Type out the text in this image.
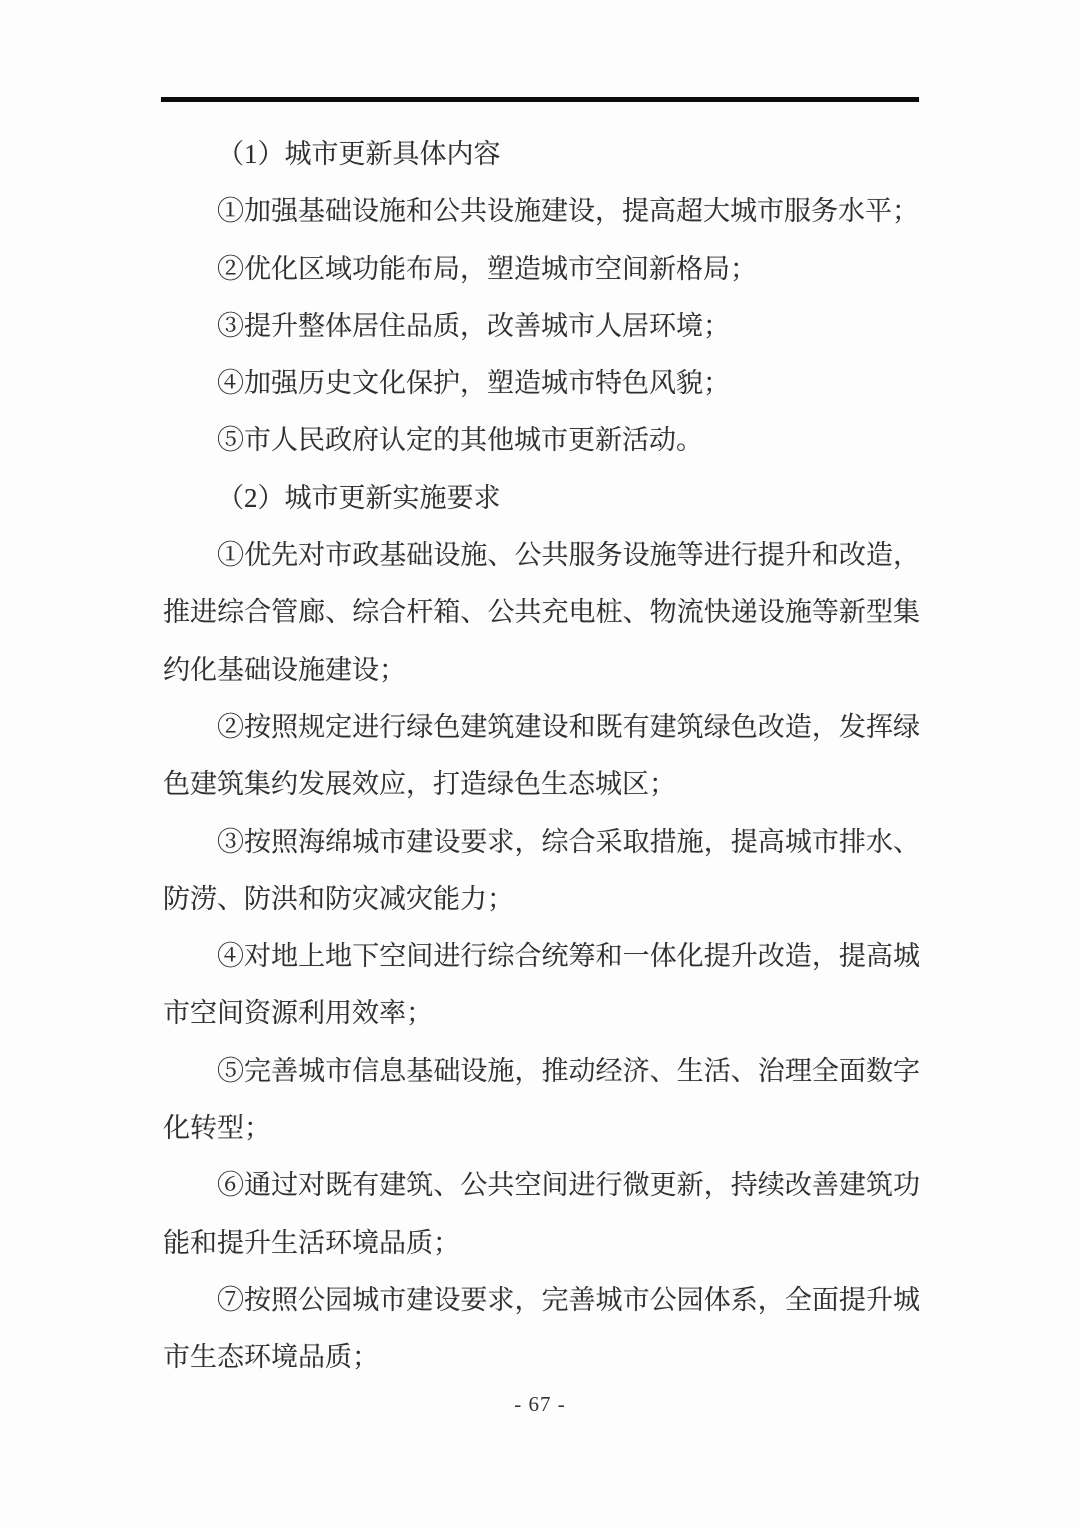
（1）城市更新具体内容

①加强基础设施和公共设施建设，提高超大城市服务水平；

②优化区域功能布局，塑造城市空间新格局；

③提升整体居住品质，改善城市人居环境；

④加强历史文化保护，塑造城市特色风貌；

⑤市人民政府认定的其他城市更新活动。

（2）城市更新实施要求

①优先对市政基础设施、公共服务设施等进行提升和改造，推进综合管廊、综合杆箱、公共充电桩、物流快递设施等新型集约化基础设施建设；

②按照规定进行绿色建筑建设和既有建筑绿色改造，发挥绿色建筑集约发展效应，打造绿色生态城区；

③按照海绵城市建设要求，综合采取措施，提高城市排水、防涝、防洪和防灾减灾能力；

④对地上地下空间进行综合统筹和一体化提升改造，提高城市空间资源利用效率；

⑤完善城市信息基础设施，推动经济、生活、治理全面数字化转型；

⑥通过对既有建筑、公共空间进行微更新，持续改善建筑功能和提升生活环境品质；

⑦按照公园城市建设要求，完善城市公园体系，全面提升城市生态环境品质；

- 67 -
